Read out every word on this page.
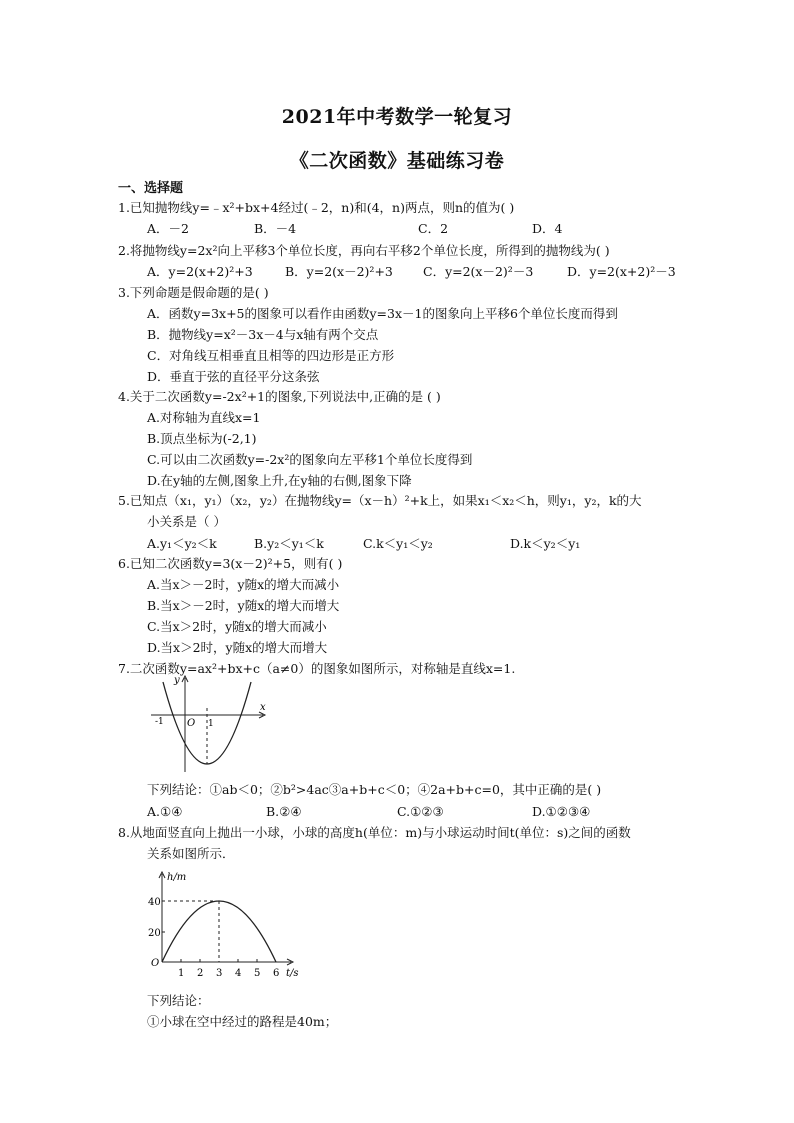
2021年中考数学一轮复习
《二次函数》基础练习卷
一、选择题
1.已知抛物线y=﹣x²+bx+4经过(﹣2，n)和(4，n)两点，则n的值为( )
A．－2	B．－4	C．2	D．4
2.将抛物线y=2x²向上平移3个单位长度，再向右平移2个单位长度，所得到的抛物线为( )
A．y=2(x+2)²+3	B．y=2(x－2)²+3 C．y=2(x－2)²－3	D．y=2(x+2)²－3
3.下列命题是假命题的是( )
A．函数y=3x+5的图象可以看作由函数y=3x－1的图象向上平移6个单位长度而得到
B．抛物线y=x²－3x－4与x轴有两个交点
C．对角线互相垂直且相等的四边形是正方形
D．垂直于弦的直径平分这条弦
4.关于二次函数y=-2x²+1的图象,下列说法中,正确的是 ( )
A.对称轴为直线x=1
B.顶点坐标为(-2,1)
C.可以由二次函数y=-2x²的图象向左平移1个单位长度得到
D.在y轴的左侧,图象上升,在y轴的右侧,图象下降
5.已知点（x₁，y₁）（x₂，y₂）在抛物线y=（x－h）²+k上，如果x₁＜x₂＜h，则y₁，y₂，k的大
小关系是（ ）
A.y₁＜y₂＜k	B.y₂＜y₁＜k	C.k＜y₁＜y₂	D.k＜y₂＜y₁
6.已知二次函数y=3(x－2)²+5，则有( )
A.当x＞－2时，y随x的增大而减小
B.当x＞－2时，y随x的增大而增大
C.当x＞2时，y随x的增大而减小
D.当x＞2时，y随x的增大而增大
7.二次函数y=ax²+bx+c（a≠0）的图象如图所示，对称轴是直线x=1.
y
x
-1 O 1
下列结论：①ab＜0；②b²>4ac③a+b+c＜0；④2a+b+c=0，其中正确的是( )
A.①④	B.②④	C.①②③	D.①②③④
8.从地面竖直向上抛出一小球，小球的高度h(单位：m)与小球运动时间t(单位：s)之间的函数
关系如图所示．
h/m
t/s
40
20
O
1 2 3 4 5 6
下列结论：
①小球在空中经过的路程是40m；
